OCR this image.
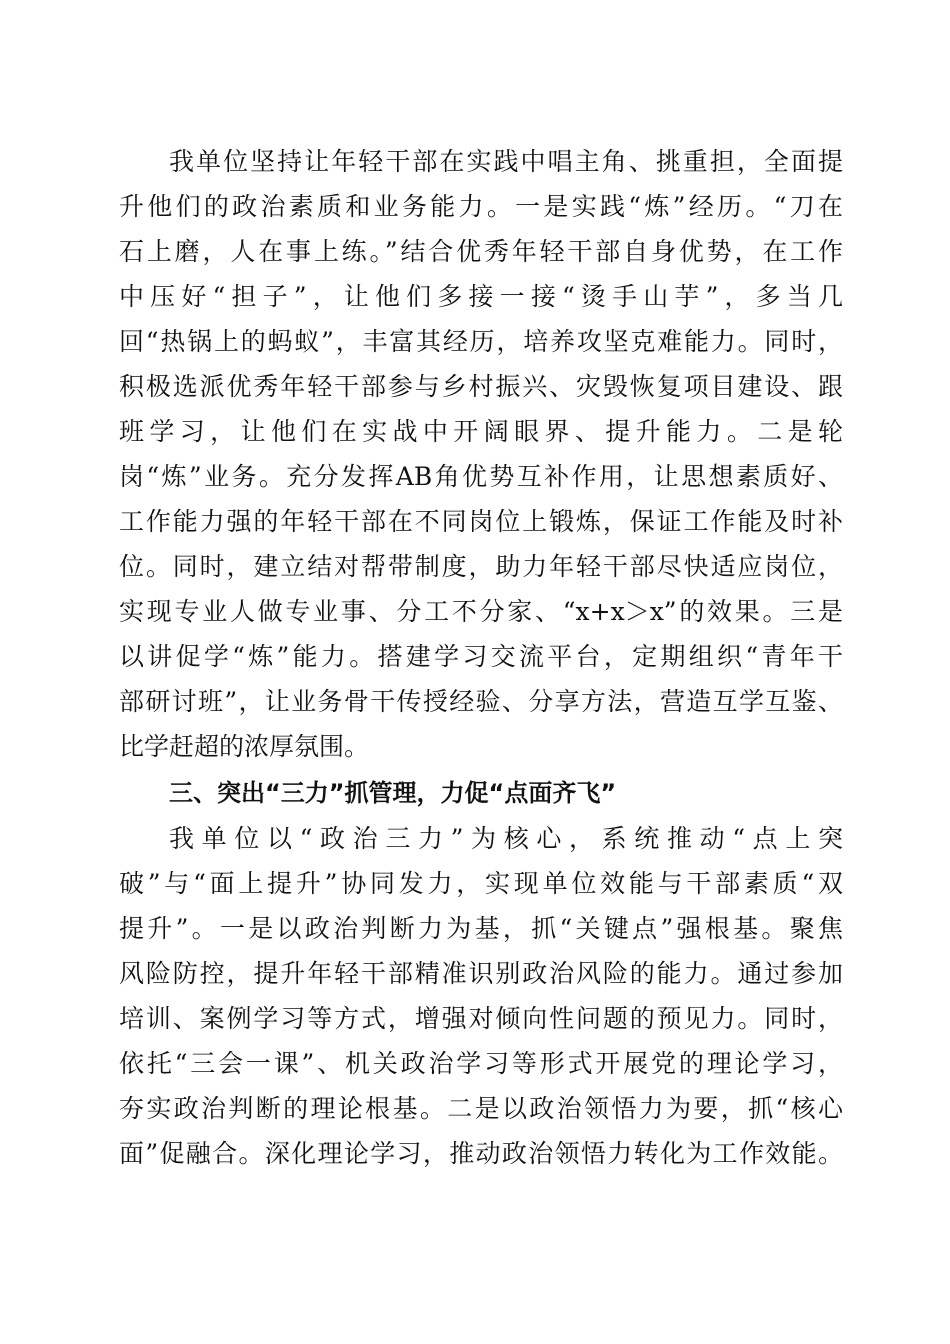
我单位坚持让年轻干部在实践中唱主角、挑重担，全面提
升他们的政治素质和业务能力。一是实践“炼”经历。“刀在
石上磨，人在事上练。”结合优秀年轻干部自身优势，在工作
中压好“担子”，让他们多接一接“烫手山芋”，多当几
回“热锅上的蚂蚁”，丰富其经历，培养攻坚克难能力。同时，
积极选派优秀年轻干部参与乡村振兴、灾毁恢复项目建设、跟
班学习，让他们在实战中开阔眼界、提升能力。二是轮
岗“炼”业务。充分发挥AB角优势互补作用，让思想素质好、
工作能力强的年轻干部在不同岗位上锻炼，保证工作能及时补
位。同时，建立结对帮带制度，助力年轻干部尽快适应岗位，
实现专业人做专业事、分工不分家、“x+x＞x”的效果。三是
以讲促学“炼”能力。搭建学习交流平台，定期组织“青年干
部研讨班”，让业务骨干传授经验、分享方法，营造互学互鉴、
比学赶超的浓厚氛围。
三、突出“三力”抓管理，力促“点面齐飞”
我单位以“政治三力”为核心，系统推动“点上突
破”与“面上提升”协同发力，实现单位效能与干部素质“双
提升”。一是以政治判断力为基，抓“关键点”强根基。聚焦
风险防控，提升年轻干部精准识别政治风险的能力。通过参加
培训、案例学习等方式，增强对倾向性问题的预见力。同时，
依托“三会一课”、机关政治学习等形式开展党的理论学习，
夯实政治判断的理论根基。二是以政治领悟力为要，抓“核心
面”促融合。深化理论学习，推动政治领悟力转化为工作效能。
